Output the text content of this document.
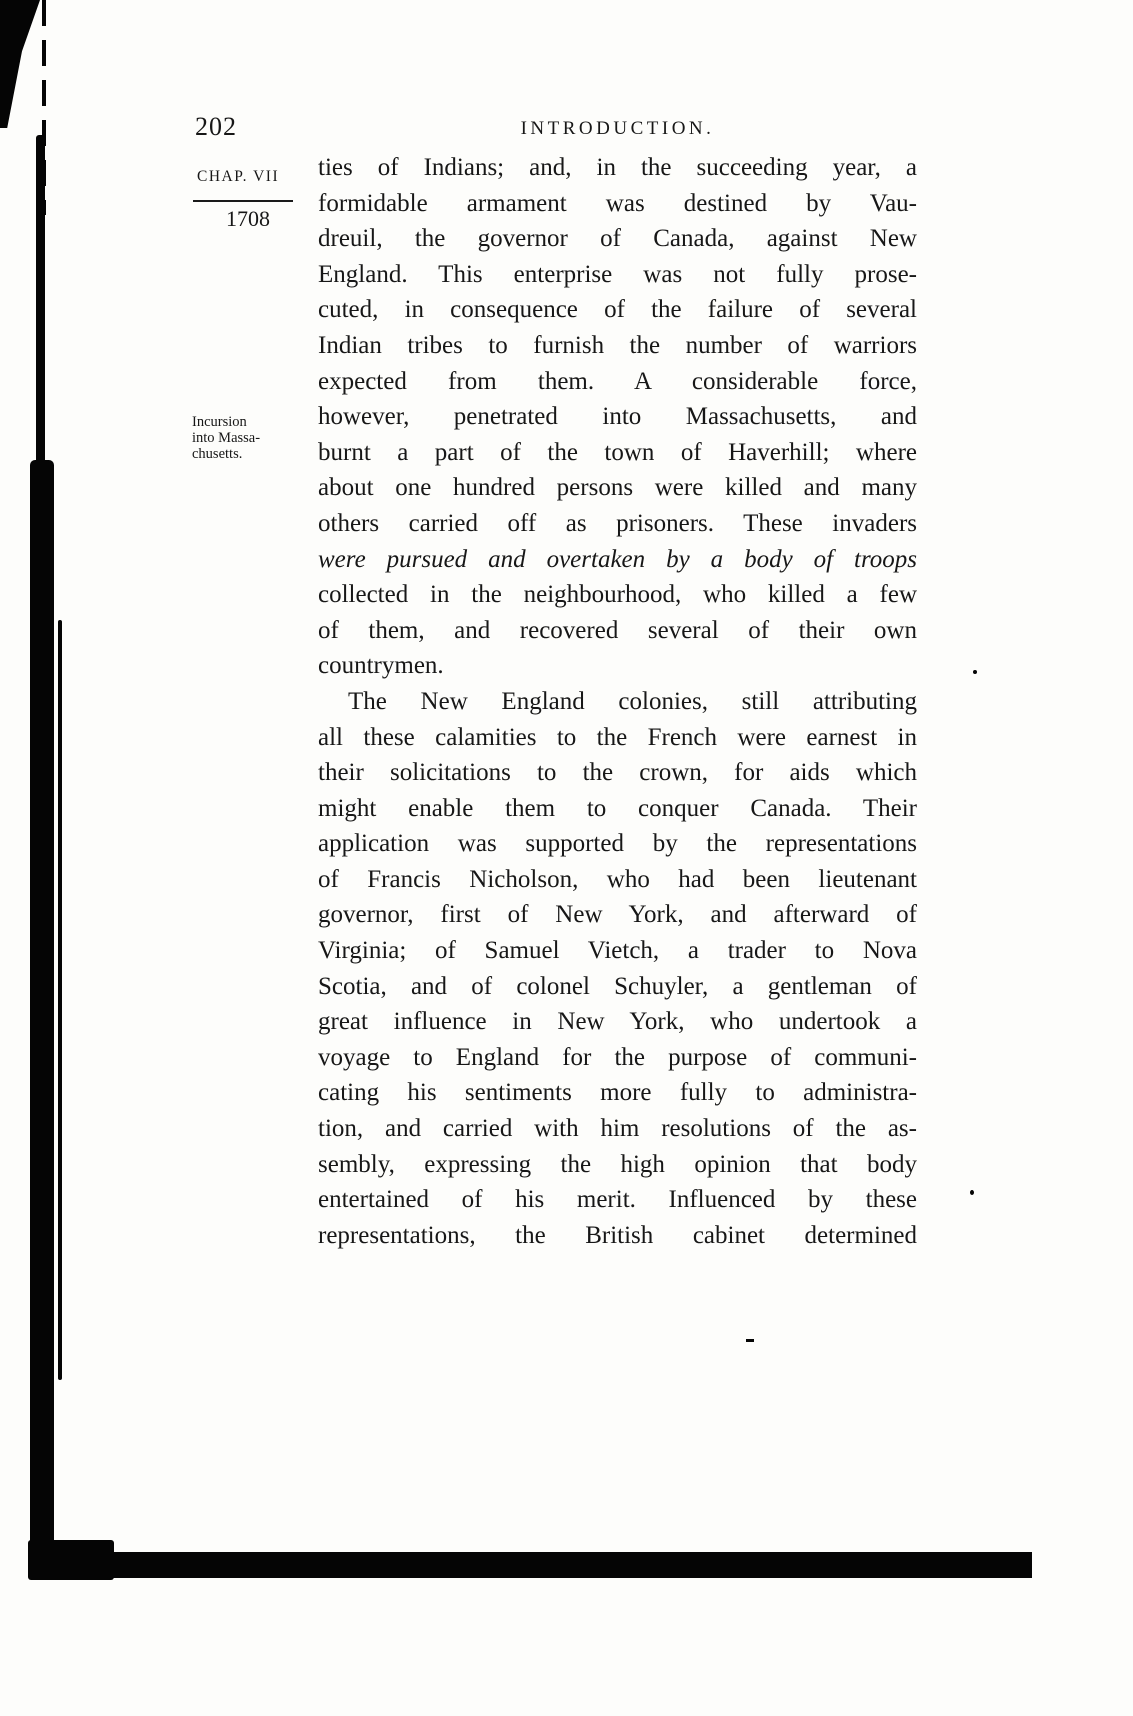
202	INTRODUCTION.
CHAP. VII
1708
Incursion
into Massa-
chusetts.
ties of Indians; and, in the succeeding year, a
formidable armament was destined by Vau-
dreuil, the governor of Canada, against New
England. This enterprise was not fully prose-
cuted, in consequence of the failure of several
Indian tribes to furnish the number of warriors
expected from them. A considerable force,
however, penetrated into Massachusetts, and
burnt a part of the town of Haverhill; where
about one hundred persons were killed and many
others carried off as prisoners. These invaders
were pursued and overtaken by a body of troops
collected in the neighbourhood, who killed a few
of them, and recovered several of their own
countrymen.
The New England colonies, still attributing
all these calamities to the French were earnest in
their solicitations to the crown, for aids which
might enable them to conquer Canada. Their
application was supported by the representations
of Francis Nicholson, who had been lieutenant
governor, first of New York, and afterward of
Virginia; of Samuel Vietch, a trader to Nova
Scotia, and of colonel Schuyler, a gentleman of
great influence in New York, who undertook a
voyage to England for the purpose of communi-
cating his sentiments more fully to administra-
tion, and carried with him resolutions of the as-
sembly, expressing the high opinion that body
entertained of his merit. Influenced by these
representations, the British cabinet determined
